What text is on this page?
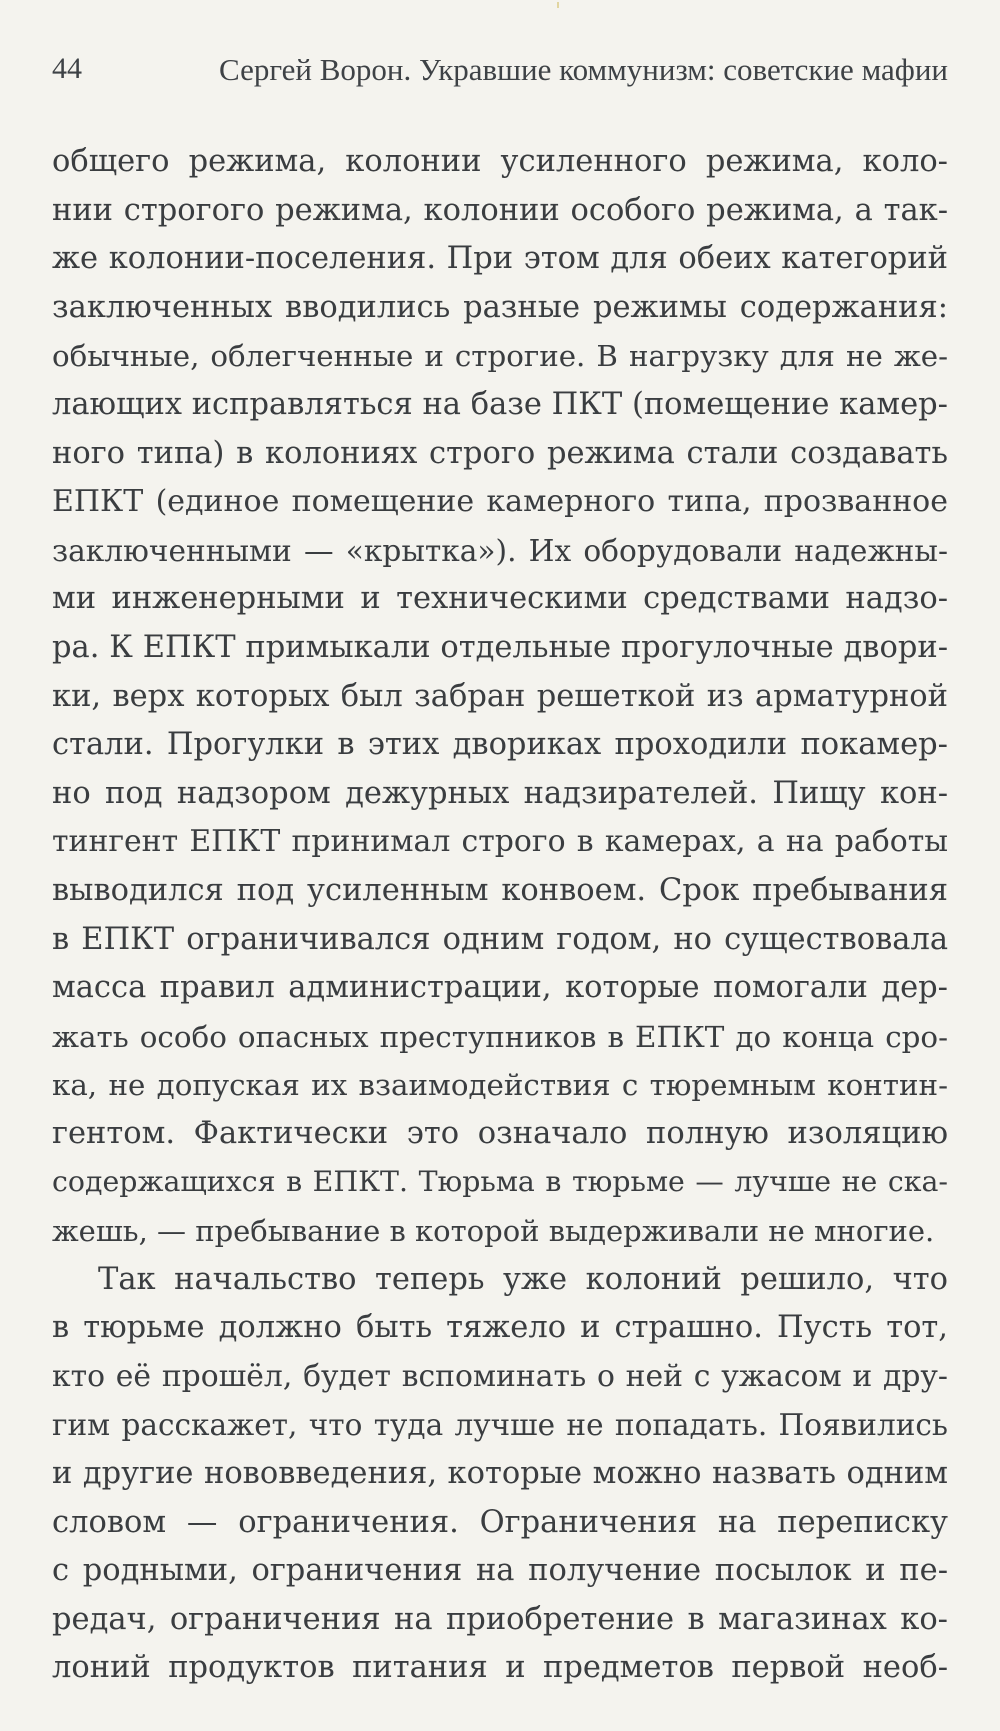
44	Сергей Ворон. Укравшие коммунизм: советские мафии
общего режима, колонии усиленного режима, коло-
нии строгого режима, колонии особого режима, а так-
же колонии-поселения. При этом для обеих категорий
заключенных вводились разные режимы содержания:
обычные, облегченные и строгие. В нагрузку для не же-
лающих исправляться на базе ПКТ (помещение камер-
ного типа) в колониях строго режима стали создавать
ЕПКТ (единое помещение камерного типа, прозванное
заключенными — «крытка»). Их оборудовали надежны-
ми инженерными и техническими средствами надзо-
ра. К ЕПКТ примыкали отдельные прогулочные двори-
ки, верх которых был забран решеткой из арматурной
стали. Прогулки в этих двориках проходили покамер-
но под надзором дежурных надзирателей. Пищу кон-
тингент ЕПКТ принимал строго в камерах, а на работы
выводился под усиленным конвоем. Срок пребывания
в ЕПКТ ограничивался одним годом, но существовала
масса правил администрации, которые помогали дер-
жать особо опасных преступников в ЕПКТ до конца сро-
ка, не допуская их взаимодействия с тюремным контин-
гентом. Фактически это означало полную изоляцию
содержащихся в ЕПКТ. Тюрьма в тюрьме — лучше не ска-
жешь, — пребывание в которой выдерживали не многие.
Так начальство теперь уже колоний решило, что
в тюрьме должно быть тяжело и страшно. Пусть тот,
кто её прошёл, будет вспоминать о ней с ужасом и дру-
гим расскажет, что туда лучше не попадать. Появились
и другие нововведения, которые можно назвать одним
словом — ограничения. Ограничения на переписку
с родными, ограничения на получение посылок и пе-
редач, ограничения на приобретение в магазинах ко-
лоний продуктов питания и предметов первой необ-
